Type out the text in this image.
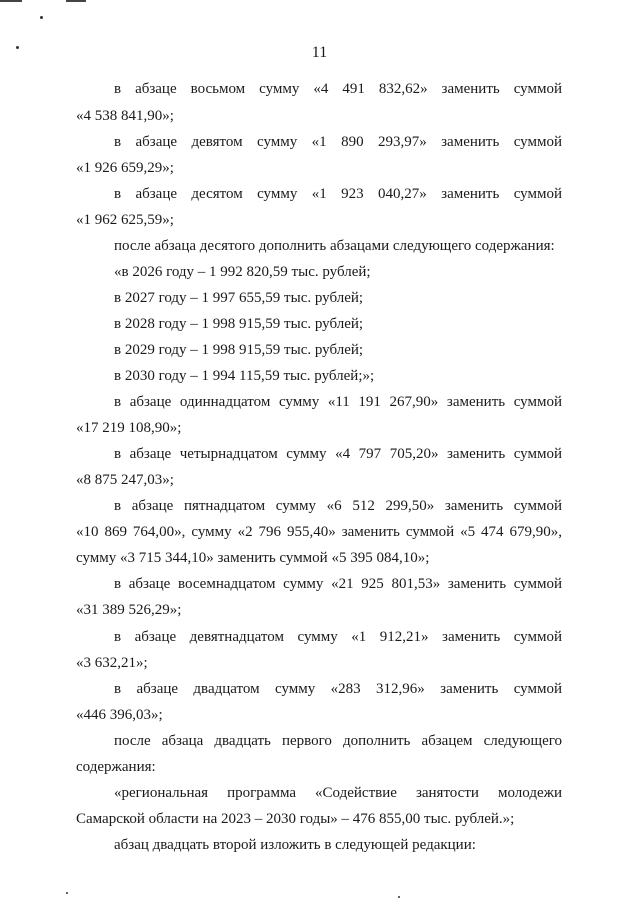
11
в абзаце восьмом сумму «4 491 832,62» заменить суммой
«4 538 841,90»;
в абзаце девятом сумму «1 890 293,97» заменить суммой
«1 926 659,29»;
в абзаце десятом сумму «1 923 040,27» заменить суммой
«1 962 625,59»;
после абзаца десятого дополнить абзацами следующего содержания:
«в 2026 году – 1 992 820,59 тыс. рублей;
в 2027 году – 1 997 655,59 тыс. рублей;
в 2028 году – 1 998 915,59 тыс. рублей;
в 2029 году – 1 998 915,59 тыс. рублей;
в 2030 году – 1 994 115,59 тыс. рублей;»;
в абзаце одиннадцатом сумму «11 191 267,90» заменить суммой
«17 219 108,90»;
в абзаце четырнадцатом сумму «4 797 705,20» заменить суммой
«8 875 247,03»;
в абзаце пятнадцатом сумму «6 512 299,50» заменить суммой
«10 869 764,00», сумму «2 796 955,40» заменить суммой «5 474 679,90»,
сумму «3 715 344,10» заменить суммой «5 395 084,10»;
в абзаце восемнадцатом сумму «21 925 801,53» заменить суммой
«31 389 526,29»;
в абзаце девятнадцатом сумму «1 912,21» заменить суммой
«3 632,21»;
в абзаце двадцатом сумму «283 312,96» заменить суммой
«446 396,03»;
после абзаца двадцать первого дополнить абзацем следующего
содержания:
«региональная программа «Содействие занятости молодежи
Самарской области на 2023 – 2030 годы» – 476 855,00 тыс. рублей.»;
абзац двадцать второй изложить в следующей редакции:
